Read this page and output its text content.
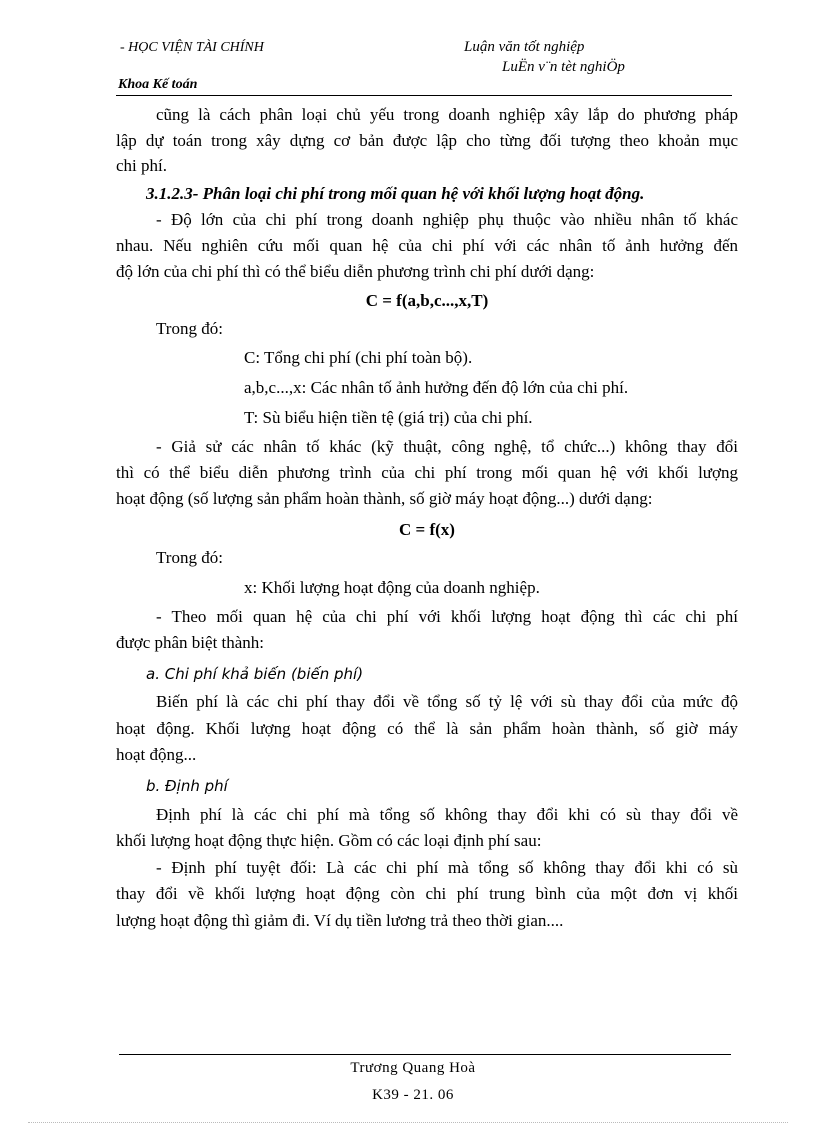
- HỌC VIỆN TÀI CHÍNH	Luận văn tốt nghiệp
LuËn v¨n tèt nghiÖp
Khoa Kế toán
cũng là cách phân loại chủ yếu trong doanh nghiệp xây lắp do phương pháp
lập dự toán trong xây dựng cơ bản được lập cho từng đối tượng theo khoản mục
chi phí.
3.1.2.3- Phân loại chi phí trong mối quan hệ với khối lượng hoạt động.
- Độ lớn của chi phí trong doanh nghiệp phụ thuộc vào nhiều nhân tố khác
nhau. Nếu nghiên cứu mối quan hệ của chi phí với các nhân tố ảnh hưởng đến
độ lớn của chi phí thì có thể biểu diễn phương trình chi phí dưới dạng:
C = f(a,b,c...,x,T)
Trong đó:
C: Tổng chi phí (chi phí toàn bộ).
a,b,c...,x: Các nhân tố ảnh hưởng đến độ lớn của chi phí.
T: Sù biểu hiện tiền tệ (giá trị) của chi phí.
- Giả sử các nhân tố khác (kỹ thuật, công nghệ, tổ chức...) không thay đổi
thì có thể biểu diễn phương trình của chi phí trong mối quan hệ với khối lượng
hoạt động (số lượng sản phẩm hoàn thành, số giờ máy hoạt động...) dưới dạng:
C = f(x)
Trong đó:
x: Khối lượng hoạt động của doanh nghiệp.
- Theo mối quan hệ của chi phí với khối lượng hoạt động thì các chi phí
được phân biệt thành:
a. Chi phí khả biến (biến phí)
Biến phí là các chi phí thay đổi về tổng số tỷ lệ với sù thay đổi của mức độ
hoạt động. Khối lượng hoạt động có thể là sản phẩm hoàn thành, số giờ máy
hoạt động...
b. Định phí
Định phí là các chi phí mà tổng số không thay đổi khi có sù thay đổi về
khối lượng hoạt động thực hiện. Gồm có các loại định phí sau:
- Định phí tuyệt đối: Là các chi phí mà tổng số không thay đổi khi có sù
thay đổi về khối lượng hoạt động còn chi phí trung bình của một đơn vị khối
lượng hoạt động thì giảm đi. Ví dụ tiền lương trả theo thời gian....
Trương Quang Hoà
K39 - 21. 06
